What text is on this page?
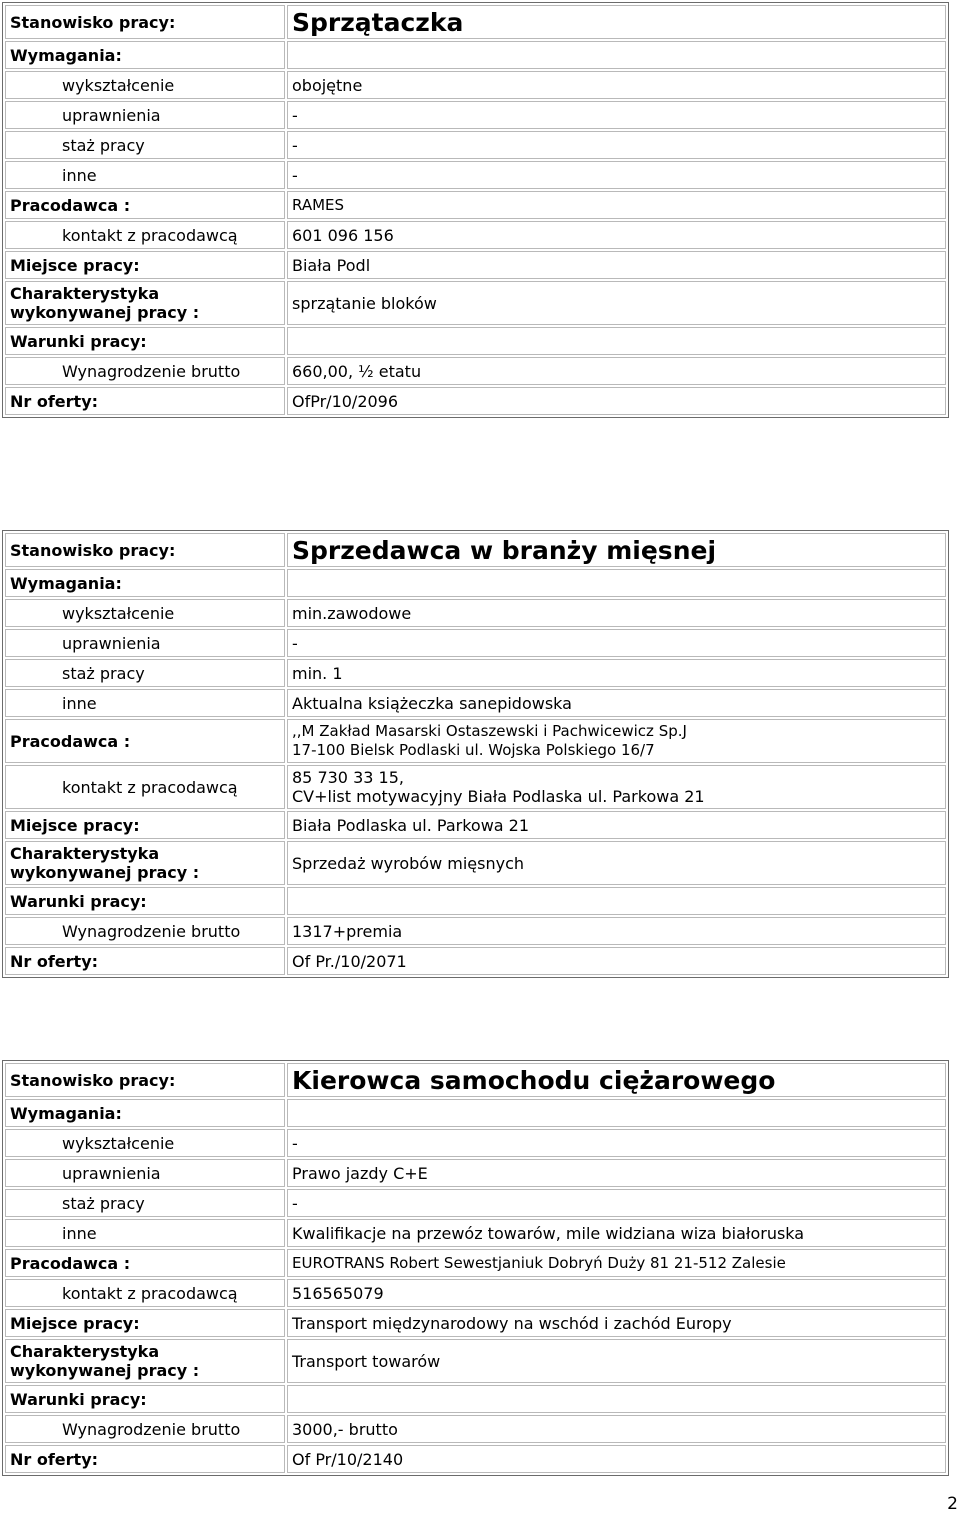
Stanowisko pracy:	Sprzątaczka
Wymagania:	
wykształcenie	obojętne
uprawnienia	-
staż pracy	-
inne	-
Pracodawca :	RAMES
kontakt z pracodawcą	601 096 156
Miejsce pracy:	Biała Podl

Charakterystyka
wykonywanej pracy :	sprzątanie bloków
Warunki pracy:	
Wynagrodzenie brutto	660,00, ½ etatu
Nr oferty:	OfPr/10/2096
Stanowisko pracy:	Sprzedawca w branży mięsnej
Wymagania:	
wykształcenie	min.zawodowe
uprawnienia	-
staż pracy	min. 1
inne	Aktualna książeczka sanepidowska
Pracodawca :	,,M Zakład Masarski Ostaszewski i Pachwicewicz Sp.J
17-100 Bielsk Podlaski ul. Wojska Polskiego 16/7

kontakt z pracodawcą	85 730 33 15,
CV+list motywacyjny Biała Podlaska ul. Parkowa 21

Miejsce pracy:	Biała Podlaska ul. Parkowa 21

Charakterystyka
wykonywanej pracy :	Sprzedaż wyrobów mięsnych
Warunki pracy:	
Wynagrodzenie brutto	1317+premia
Nr oferty:	Of Pr./10/2071
Stanowisko pracy:	Kierowca samochodu ciężarowego
Wymagania:	
wykształcenie	-
uprawnienia	Prawo jazdy C+E
staż pracy	-
inne	Kwalifikacje na przewóz towarów, mile widziana wiza białoruska
Pracodawca :	EUROTRANS Robert Sewestjaniuk Dobryń Duży 81 21-512 Zalesie
kontakt z pracodawcą	516565079
Miejsce pracy:	Transport międzynarodowy na wschód i zachód Europy

Charakterystyka
wykonywanej pracy :	Transport towarów
Warunki pracy:	
Wynagrodzenie brutto	3000,- brutto
Nr oferty:	Of Pr/10/2140
2
